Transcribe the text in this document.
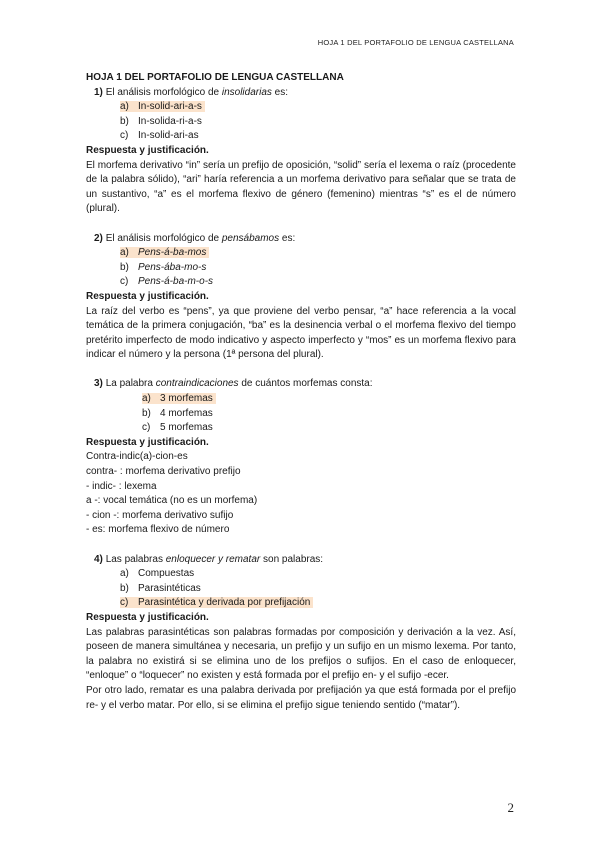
HOJA 1 DEL PORTAFOLIO DE LENGUA CASTELLANA
HOJA 1 DEL PORTAFOLIO DE LENGUA CASTELLANA
1) El análisis morfológico de insolidarias es:
a) In-solid-ari-a-s
b) In-solida-ri-a-s
c) In-solid-ari-as
Respuesta y justificación.
El morfema derivativo “in” sería un prefijo de oposición, “solid” sería el lexema o raíz (procedente de la palabra sólido), “ari” haría referencia a un morfema derivativo para señalar que se trata de un sustantivo, “a” es el morfema flexivo de género (femenino) mientras “s” es el de número (plural).
2) El análisis morfológico de pensábamos es:
a) Pens-á-ba-mos
b) Pens-ába-mo-s
c) Pens-á-ba-m-o-s
Respuesta y justificación.
La raíz del verbo es “pens”, ya que proviene del verbo pensar, “a” hace referencia a la vocal temática de la primera conjugación, “ba” es la desinencia verbal o el morfema flexivo del tiempo pretérito imperfecto de modo indicativo y aspecto imperfecto y “mos” es un morfema flexivo para indicar el número y la persona (1ª persona del plural).
3) La palabra contraindicaciones de cuántos morfemas consta:
a) 3 morfemas
b) 4 morfemas
c) 5 morfemas
Respuesta y justificación.
Contra-indic(a)-cion-es
contra- : morfema derivativo prefijo
- indic- : lexema
a -: vocal temática (no es un morfema)
- cion -: morfema derivativo sufijo
- es: morfema flexivo de número
4) Las palabras enloquecer y rematar son palabras:
a) Compuestas
b) Parasintéticas
c) Parasintética y derivada por prefijación
Respuesta y justificación.
Las palabras parasintéticas son palabras formadas por composición y derivación a la vez. Así, poseen de manera simultánea y necesaria, un prefijo y un sufijo en un mismo lexema. Por tanto, la palabra no existirá si se elimina uno de los prefijos o sufijos. En el caso de enloquecer, “enloque” o “loquecer” no existen y está formada por el prefijo en- y el sufijo -ecer.
Por otro lado, rematar es una palabra derivada por prefijación ya que está formada por el prefijo re- y el verbo matar. Por ello, si se elimina el prefijo sigue teniendo sentido (“matar”).
2
